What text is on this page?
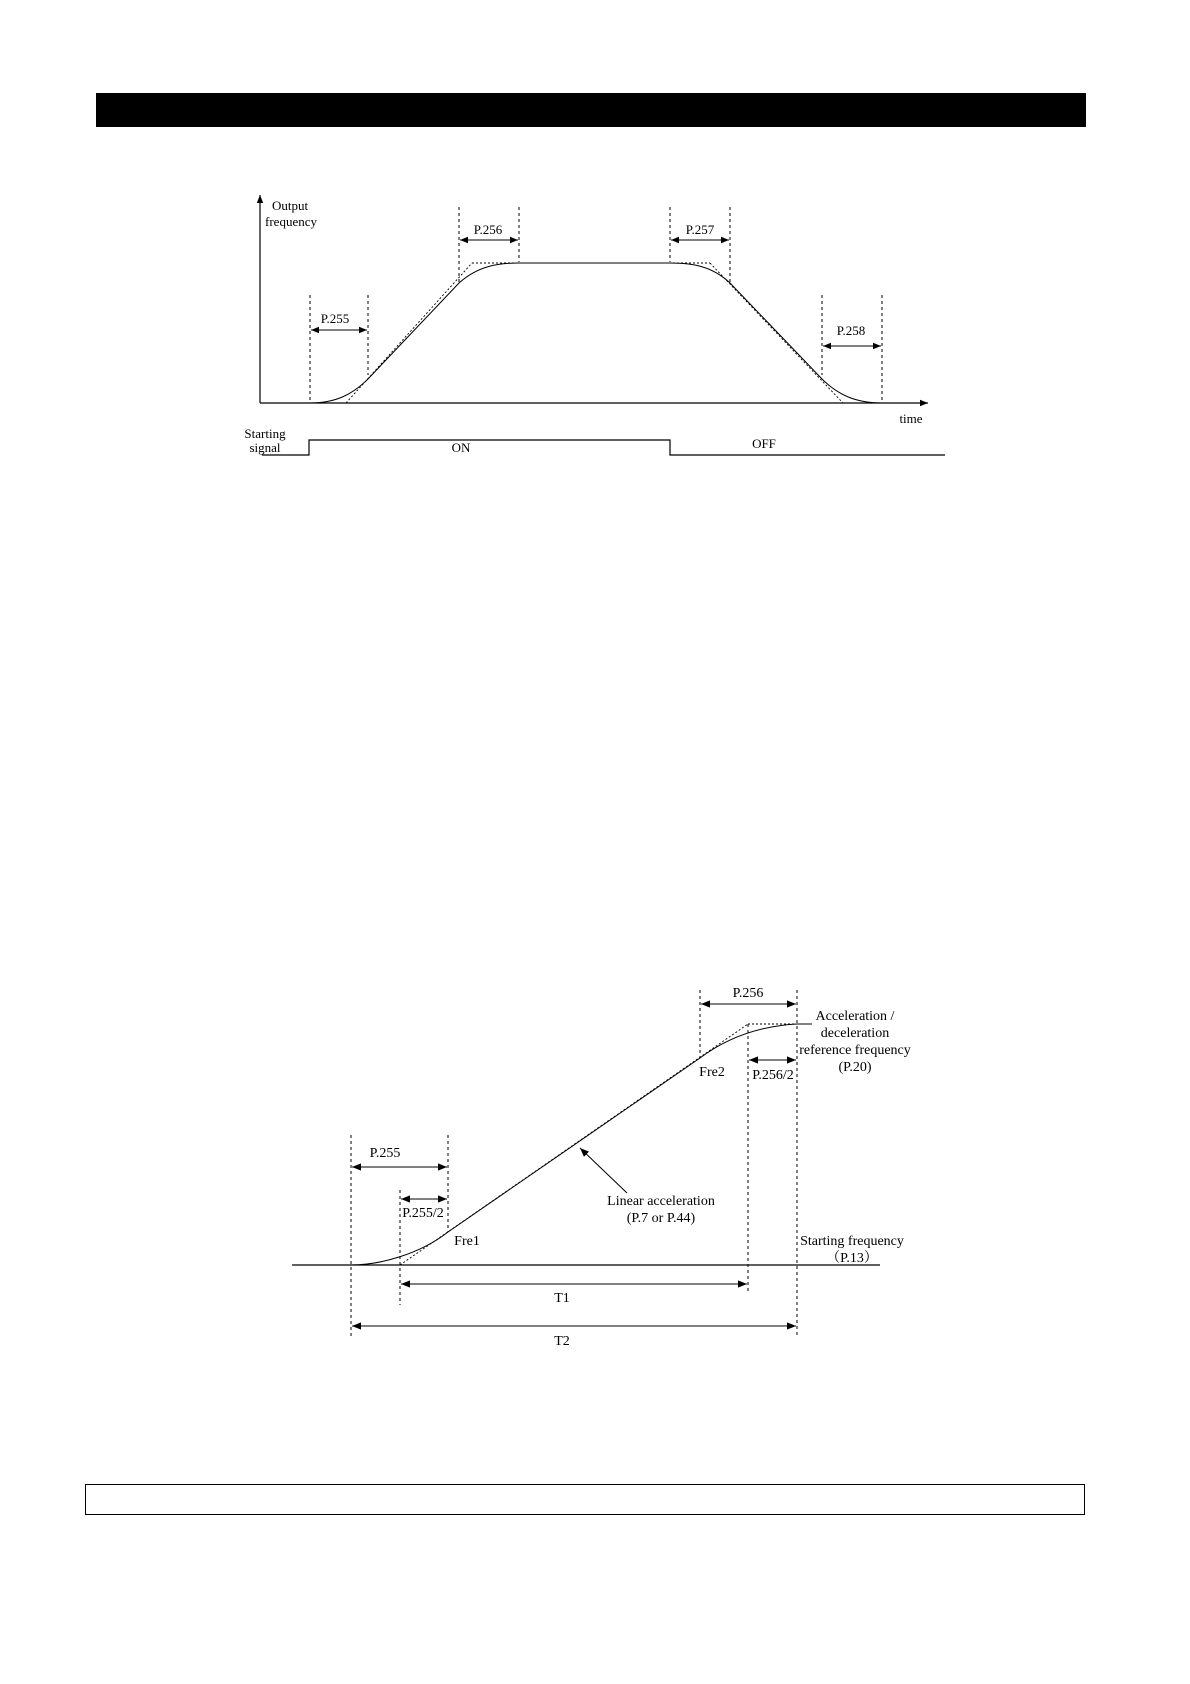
Output
frequency
time
P.255
P.256	P.257
P.258
Starting
signal	ON	OFF
P.255
P.255/2
Fre1
P.256
Fre2 P.256/2
Acceleration /
deceleration
reference frequency
(P.20)
Linear acceleration
(P.7 or P.44)
Starting frequency
（P.13）
T1
T2
